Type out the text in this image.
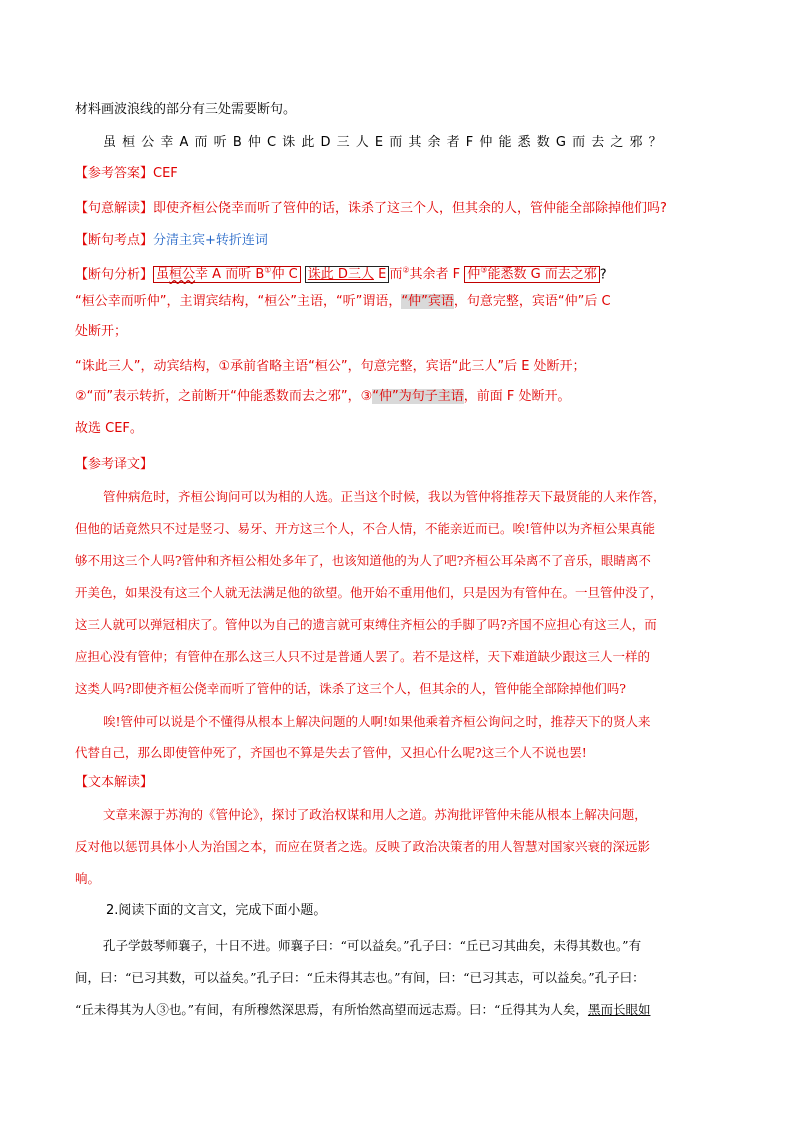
材料画波浪线的部分有三处需要断句。
虽 桓 公 幸 A 而 听 B 仲 C 诛 此 D 三 人 E 而 其 余 者 F 仲 能 悉 数 G 而 去 之 邪 ？
【参考答案】CEF
【句意解读】即使齐桓公侥幸而听了管仲的话，诛杀了这三个人，但其余的人，管仲能全部除掉他们吗?
【断句考点】分清主宾+转折连词
【断句分析】 虽桓公幸 A 而听 B①仲 C 诛此 D三人 E 而②其余者 F 仲③能悉数 G 而去之邪 ?
“桓公幸而听仲”，主谓宾结构，“桓公”主语，“听”谓语，“仲”宾语，句意完整，宾语“仲”后 C
处断开；
“诛此三人”，动宾结构，①承前省略主语“桓公”，句意完整，宾语“此三人”后 E 处断开；
②“而”表示转折，之前断开“仲能悉数而去之邪”，③“仲”为句子主语，前面 F 处断开。
故选 CEF。
【参考译文】
管仲病危时，齐桓公询问可以为相的人选。正当这个时候，我以为管仲将推荐天下最贤能的人来作答，
但他的话竟然只不过是竖刁、易牙、开方这三个人，不合人情，不能亲近而已。唉!管仲以为齐桓公果真能
够不用这三个人吗?管仲和齐桓公相处多年了，也该知道他的为人了吧?齐桓公耳朵离不了音乐，眼睛离不
开美色，如果没有这三个人就无法满足他的欲望。他开始不重用他们，只是因为有管仲在。一旦管仲没了，
这三人就可以弹冠相庆了。管仲以为自己的遗言就可束缚住齐桓公的手脚了吗?齐国不应担心有这三人，而
应担心没有管仲；有管仲在那么这三人只不过是普通人罢了。若不是这样，天下难道缺少跟这三人一样的
这类人吗?即使齐桓公侥幸而听了管仲的话，诛杀了这三个人，但其余的人，管仲能全部除掉他们吗?
唉!管仲可以说是个不懂得从根本上解决问题的人啊!如果他乘着齐桓公询问之时，推荐天下的贤人来
代替自己，那么即使管仲死了，齐国也不算是失去了管仲，又担心什么呢?这三个人不说也罢!
【文本解读】
文章来源于苏洵的《管仲论》，探讨了政治权谋和用人之道。苏洵批评管仲未能从根本上解决问题，
反对他以惩罚具体小人为治国之本，而应在贤者之选。反映了政治决策者的用人智慧对国家兴衰的深远影
响。
2.阅读下面的文言文，完成下面小题。
孔子学鼓琴师襄子，十日不进。师襄子曰：“可以益矣。”孔子曰：“丘已习其曲矣，未得其数也。”有
间，曰：“已习其数，可以益矣。”孔子曰：“丘未得其志也。”有间，曰：“已习其志，可以益矣。”孔子曰：
“丘未得其为人③也。”有间，有所穆然深思焉，有所怡然高望而远志焉。曰：“丘得其为人矣，黑而长眼如
